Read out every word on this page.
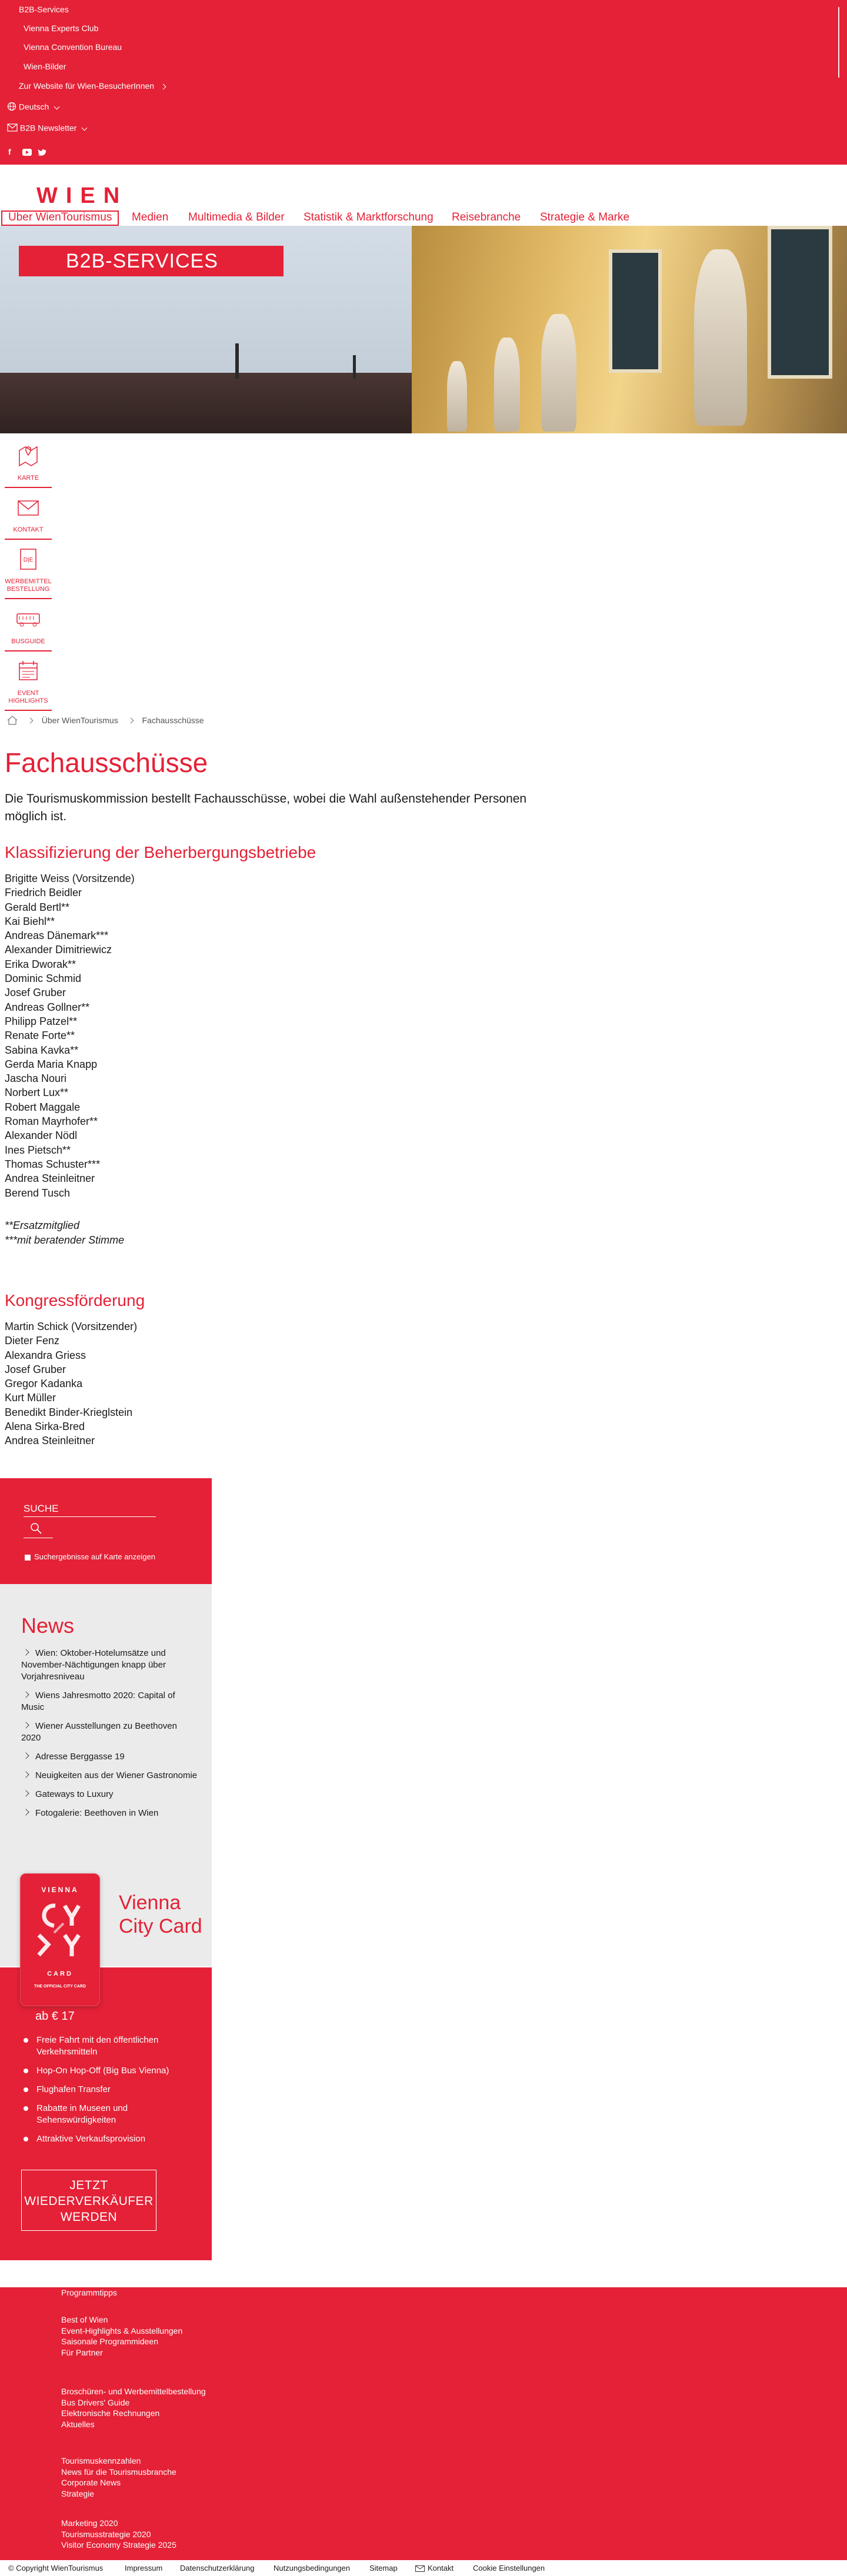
B2B-Services
Vienna Experts Club
Vienna Convention Bureau
Wien-Bilder
Zur Website für Wien-BesucherInnen
Deutsch
B2B Newsletter
f
WIEN
Über WienTourismus	Medien Multimedia & Bilder Statistik & Marktforschung Reisebranche Strategie & Marke
B2B-SERVICES
KARTE
KONTAKT
D|E
WERBEMITTEL BESTELLUNG
BUSGUIDE
EVENT HIGHLIGHTS
Über WienTourismus	Fachausschüsse
Fachausschüsse

Die Tourismuskommission bestellt Fachausschüsse, wobei die Wahl außenstehender Personen möglich ist.

Klassifizierung der Beherbergungsbetriebe
Brigitte Weiss (Vorsitzende)
Friedrich Beidler
Gerald Bertl**
Kai Biehl**
Andreas Dänemark***
Alexander Dimitriewicz
Erika Dworak**
Dominic Schmid
Josef Gruber
Andreas Gollner**
Philipp Patzel**
Renate Forte**
Sabina Kavka**
Gerda Maria Knapp
Jascha Nouri
Norbert Lux**
Robert Maggale
Roman Mayrhofer**
Alexander Nödl
Ines Pietsch**
Thomas Schuster***
Andrea Steinleitner
Berend Tusch
**Ersatzmitglied
***mit beratender Stimme
Kongressförderung
Martin Schick (Vorsitzender)
Dieter Fenz
Alexandra Griess
Josef Gruber
Gregor Kadanka
Kurt Müller
Benedikt Binder-Krieglstein
Alena Sirka-Bred
Andrea Steinleitner
SUCHE
Suchergebnisse auf Karte anzeigen
News
Wien: Oktober-Hotelumsätze und November-Nächtigungen knapp über Vorjahresniveau
Wiens Jahresmotto 2020: Capital of Music
Wiener Ausstellungen zu Beethoven 2020
Adresse Berggasse 19
Neuigkeiten aus der Wiener Gastronomie
Gateways to Luxury
Fotogalerie: Beethoven in Wien
VIENNA
CARD
THE OFFICIAL CITY CARD
Vienna City Card
ab € 17
Freie Fahrt mit den öffentlichen Verkehrsmitteln
Hop-On Hop-Off (Big Bus Vienna)
Flughafen Transfer
Rabatte in Museen und Sehenswürdigkeiten
Attraktive Verkaufsprovision
JETZT WIEDERVERKÄUFER WERDEN
Programmtipps
Best of Wien
Event-Highlights & Ausstellungen
Saisonale Programmideen
Für Partner
Broschüren- und Werbemittelbestellung
Bus Drivers' Guide
Elektronische Rechnungen
Aktuelles
Tourismuskennzahlen
News für die Tourismusbranche
Corporate News
Strategie
Marketing 2020
Tourismusstrategie 2020
Visitor Economy Strategie 2025
© Copyright WienTourismus	Impressum Datenschutzerklärung	Nutzungsbedingungen	Sitemap	Kontakt	Cookie Einstellungen
